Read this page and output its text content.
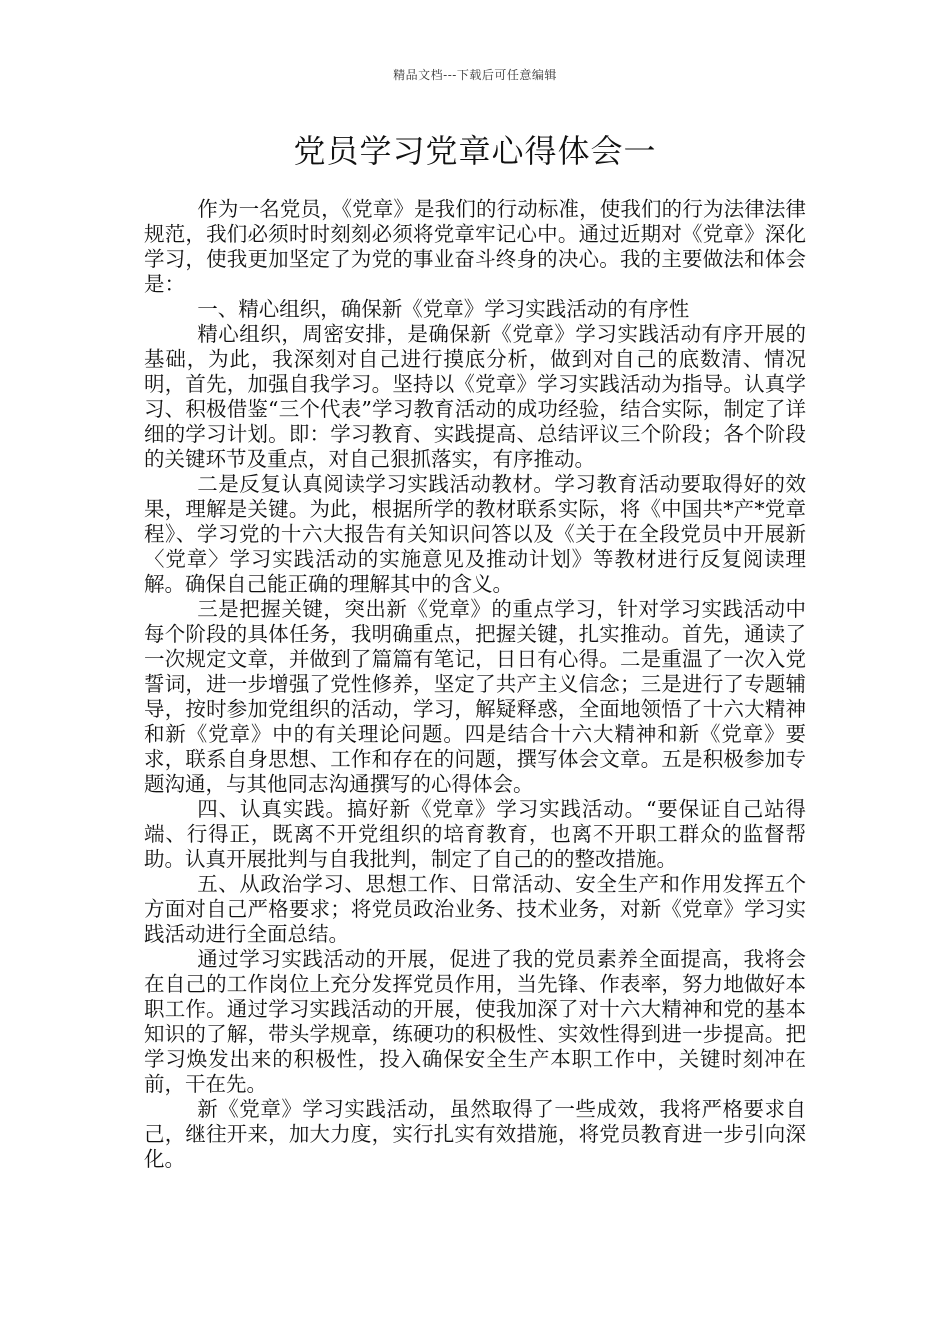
精品文档---下载后可任意编辑
党员学习党章心得体会一

作为一名党员，《党章》是我们的行动标准，使我们的行为法律法律规范，我们必须时时刻刻必须将党章牢记心中。通过近期对《党章》深化学习，使我更加坚定了为党的事业奋斗终身的决心。我的主要做法和体会是：

一、精心组织，确保新《党章》学习实践活动的有序性

精心组织，周密安排，是确保新《党章》学习实践活动有序开展的基础，为此，我深刻对自己进行摸底分析，做到对自己的底数清、情况明，首先，加强自我学习。坚持以《党章》学习实践活动为指导。认真学习、积极借鉴“三个代表”学习教育活动的成功经验，结合实际，制定了详细的学习计划。即：学习教育、实践提高、总结评议三个阶段；各个阶段的关键环节及重点，对自己狠抓落实，有序推动。

二是反复认真阅读学习实践活动教材。学习教育活动要取得好的效果，理解是关键。为此，根据所学的教材联系实际，将《中国共*产*党章程》、学习党的十六大报告有关知识问答以及《关于在全段党员中开展新〈党章〉学习实践活动的实施意见及推动计划》等教材进行反复阅读理解。确保自己能正确的理解其中的含义。

三是把握关键，突出新《党章》的重点学习，针对学习实践活动中每个阶段的具体任务，我明确重点，把握关键，扎实推动。首先，通读了一次规定文章，并做到了篇篇有笔记，日日有心得。二是重温了一次入党誓词，进一步增强了党性修养，坚定了共产主义信念；三是进行了专题辅导，按时参加党组织的活动，学习，解疑释惑，全面地领悟了十六大精神和新《党章》中的有关理论问题。四是结合十六大精神和新《党章》要求，联系自身思想、工作和存在的问题，撰写体会文章。五是积极参加专题沟通，与其他同志沟通撰写的心得体会。

四、认真实践。搞好新《党章》学习实践活动。“要保证自己站得端、行得正，既离不开党组织的培育教育，也离不开职工群众的监督帮助。认真开展批判与自我批判，制定了自己的的整改措施。

五、从政治学习、思想工作、日常活动、安全生产和作用发挥五个方面对自己严格要求；将党员政治业务、技术业务，对新《党章》学习实践活动进行全面总结。

通过学习实践活动的开展，促进了我的党员素养全面提高，我将会在自己的工作岗位上充分发挥党员作用，当先锋、作表率，努力地做好本职工作。通过学习实践活动的开展，使我加深了对十六大精神和党的基本知识的了解，带头学规章，练硬功的积极性、实效性得到进一步提高。把学习焕发出来的积极性，投入确保安全生产本职工作中，关键时刻冲在前，干在先。

新《党章》学习实践活动，虽然取得了一些成效，我将严格要求自己，继往开来，加大力度，实行扎实有效措施，将党员教育进一步引向深化。
